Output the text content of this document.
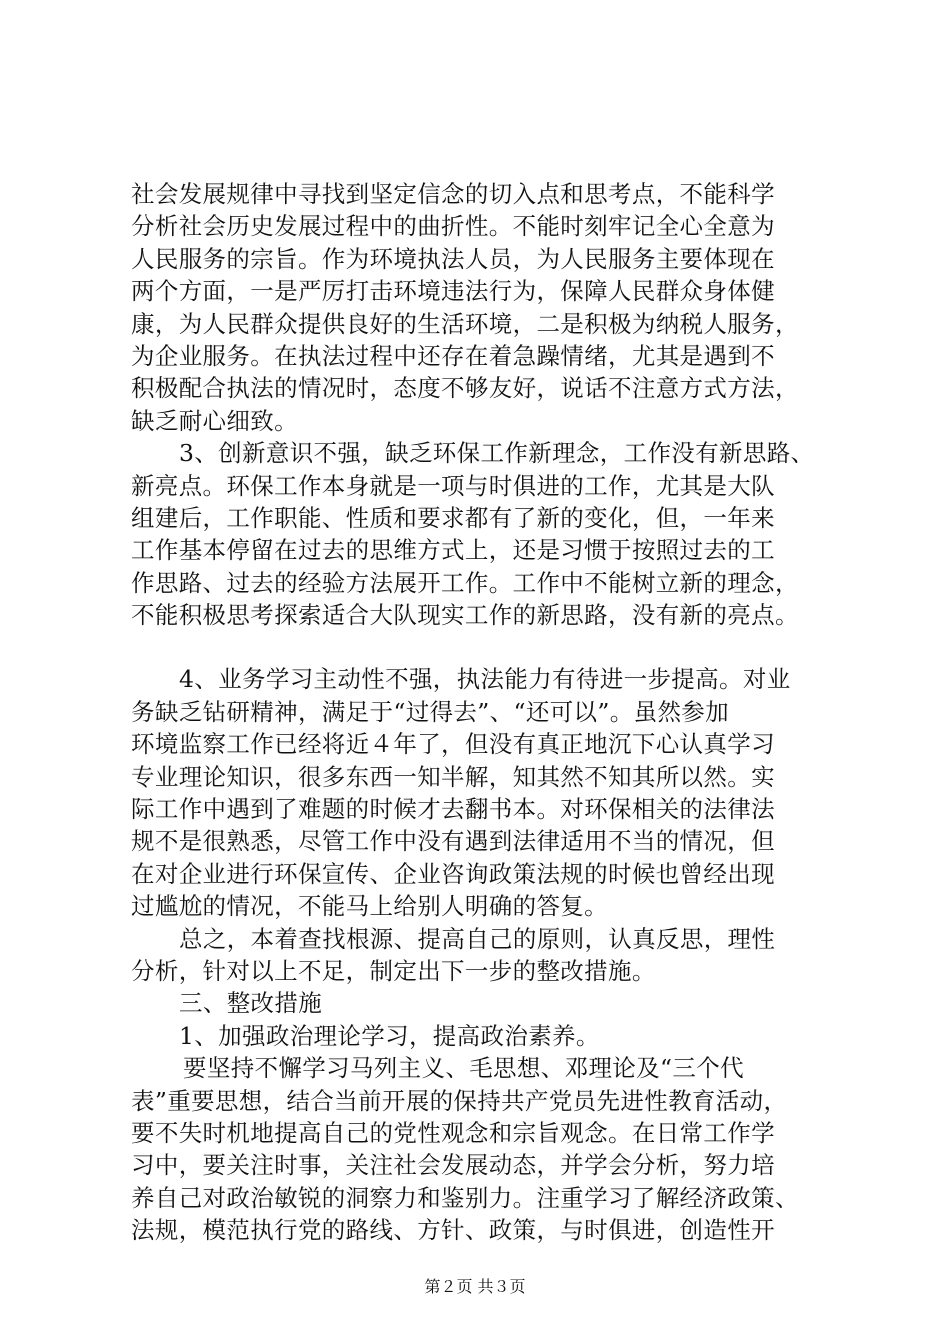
社会发展规律中寻找到坚定信念的切入点和思考点，不能科学
分析社会历史发展过程中的曲折性。不能时刻牢记全心全意为
人民服务的宗旨。作为环境执法人员，为人民服务主要体现在
两个方面，一是严厉打击环境违法行为，保障人民群众身体健
康，为人民群众提供良好的生活环境，二是积极为纳税人服务，
为企业服务。在执法过程中还存在着急躁情绪，尤其是遇到不
积极配合执法的情况时，态度不够友好，说话不注意方式方法，
缺乏耐心细致。
3、创新意识不强，缺乏环保工作新理念，工作没有新思路、
新亮点。环保工作本身就是一项与时俱进的工作，尤其是大队
组建后，工作职能、性质和要求都有了新的变化，但，一年来
工作基本停留在过去的思维方式上，还是习惯于按照过去的工
作思路、过去的经验方法展开工作。工作中不能树立新的理念，
不能积极思考探索适合大队现实工作的新思路，没有新的亮点。
4、业务学习主动性不强，执法能力有待进一步提高。对业
务缺乏钻研精神，满足于“过得去”、“还可以”。虽然参加
环境监察工作已经将近４年了，但没有真正地沉下心认真学习
专业理论知识，很多东西一知半解，知其然不知其所以然。实
际工作中遇到了难题的时候才去翻书本。对环保相关的法律法
规不是很熟悉，尽管工作中没有遇到法律适用不当的情况，但
在对企业进行环保宣传、企业咨询政策法规的时候也曾经出现
过尴尬的情况，不能马上给别人明确的答复。
总之，本着查找根源、提高自己的原则，认真反思，理性
分析，针对以上不足，制定出下一步的整改措施。
三、整改措施
1、加强政治理论学习，提高政治素养。
要坚持不懈学习马列主义、毛思想、邓理论及“三个代
表”重要思想，结合当前开展的保持共产党员先进性教育活动，
要不失时机地提高自己的党性观念和宗旨观念。在日常工作学
习中，要关注时事，关注社会发展动态，并学会分析，努力培
养自己对政治敏锐的洞察力和鉴别力。注重学习了解经济政策、
法规，模范执行党的路线、方针、政策，与时俱进，创造性开
第２页 共３页
